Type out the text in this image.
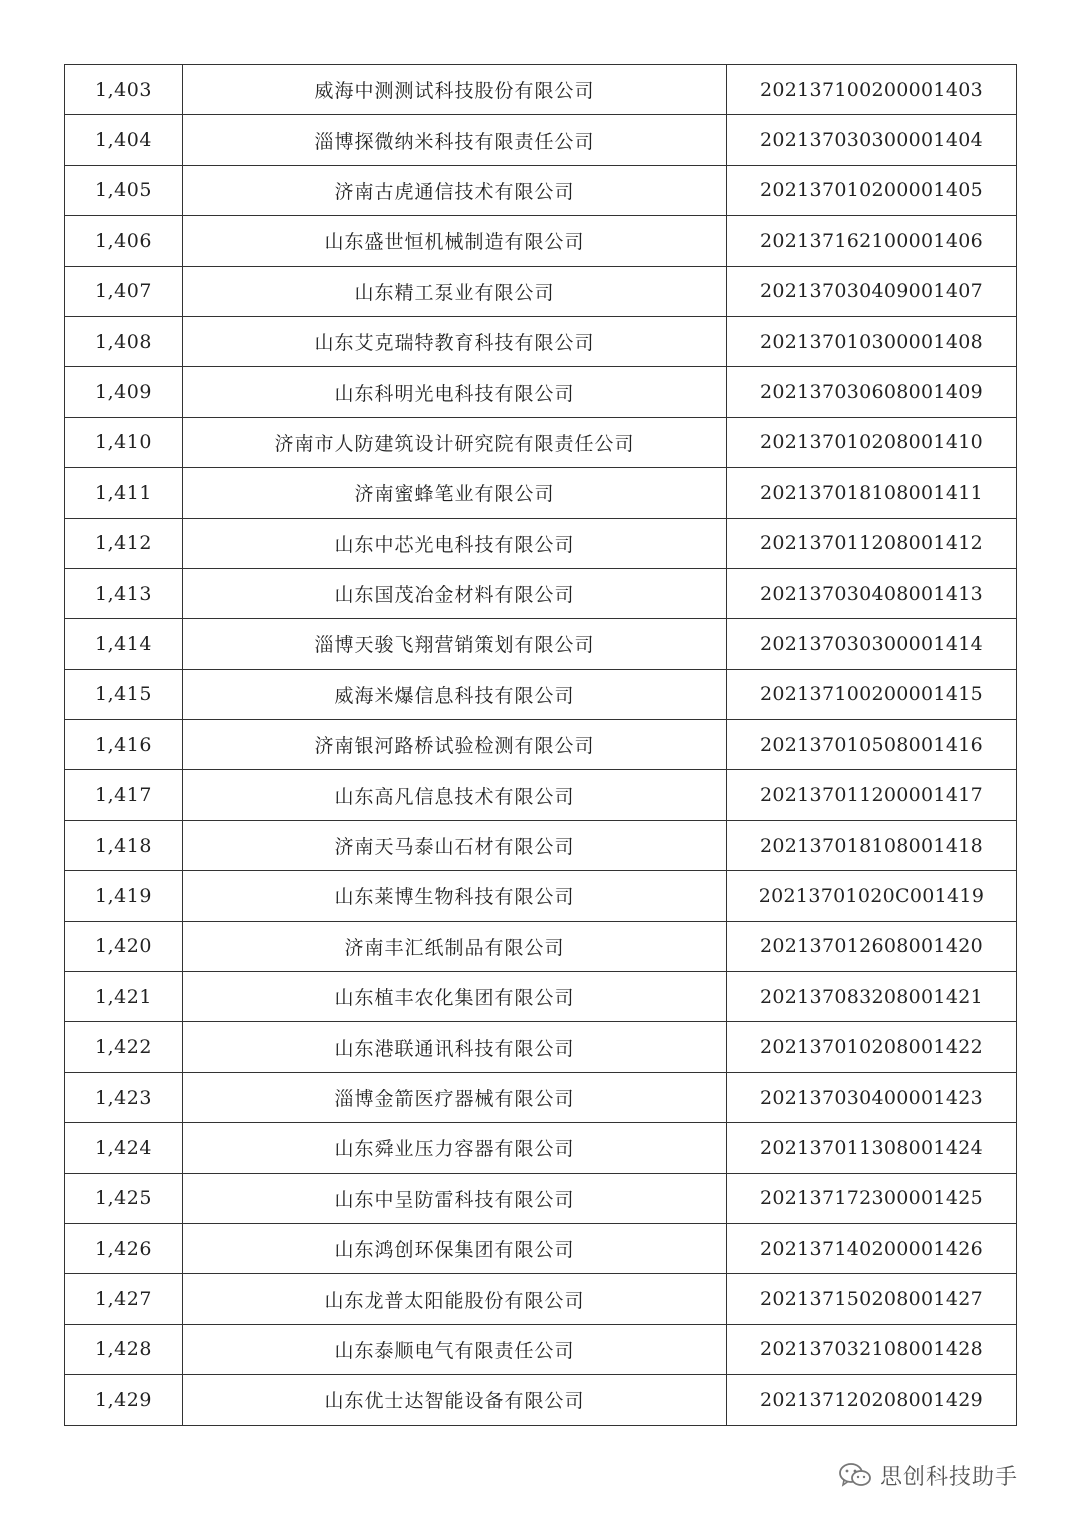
1,403	威海中测测试科技股份有限公司	202137100200001403
1,404	淄博探微纳米科技有限责任公司	202137030300001404
1,405	济南古虎通信技术有限公司	202137010200001405
1,406	山东盛世恒机械制造有限公司	202137162100001406
1,407	山东精工泵业有限公司	202137030409001407
1,408	山东艾克瑞特教育科技有限公司	202137010300001408
1,409	山东科明光电科技有限公司	202137030608001409
1,410	济南市人防建筑设计研究院有限责任公司	202137010208001410
1,411	济南蜜蜂笔业有限公司	202137018108001411
1,412	山东中芯光电科技有限公司	202137011208001412
1,413	山东国茂冶金材料有限公司	202137030408001413
1,414	淄博天骏飞翔营销策划有限公司	202137030300001414
1,415	威海米爆信息科技有限公司	202137100200001415
1,416	济南银河路桥试验检测有限公司	202137010508001416
1,417	山东高凡信息技术有限公司	202137011200001417
1,418	济南天马泰山石材有限公司	202137018108001418
1,419	山东莱博生物科技有限公司	20213701020C001419
1,420	济南丰汇纸制品有限公司	202137012608001420
1,421	山东植丰农化集团有限公司	202137083208001421
1,422	山东港联通讯科技有限公司	202137010208001422
1,423	淄博金箭医疗器械有限公司	202137030400001423
1,424	山东舜业压力容器有限公司	202137011308001424
1,425	山东中呈防雷科技有限公司	202137172300001425
1,426	山东鸿创环保集团有限公司	202137140200001426
1,427	山东龙普太阳能股份有限公司	202137150208001427
1,428	山东泰顺电气有限责任公司	202137032108001428
1,429	山东优士达智能设备有限公司	202137120208001429
思创科技助手
